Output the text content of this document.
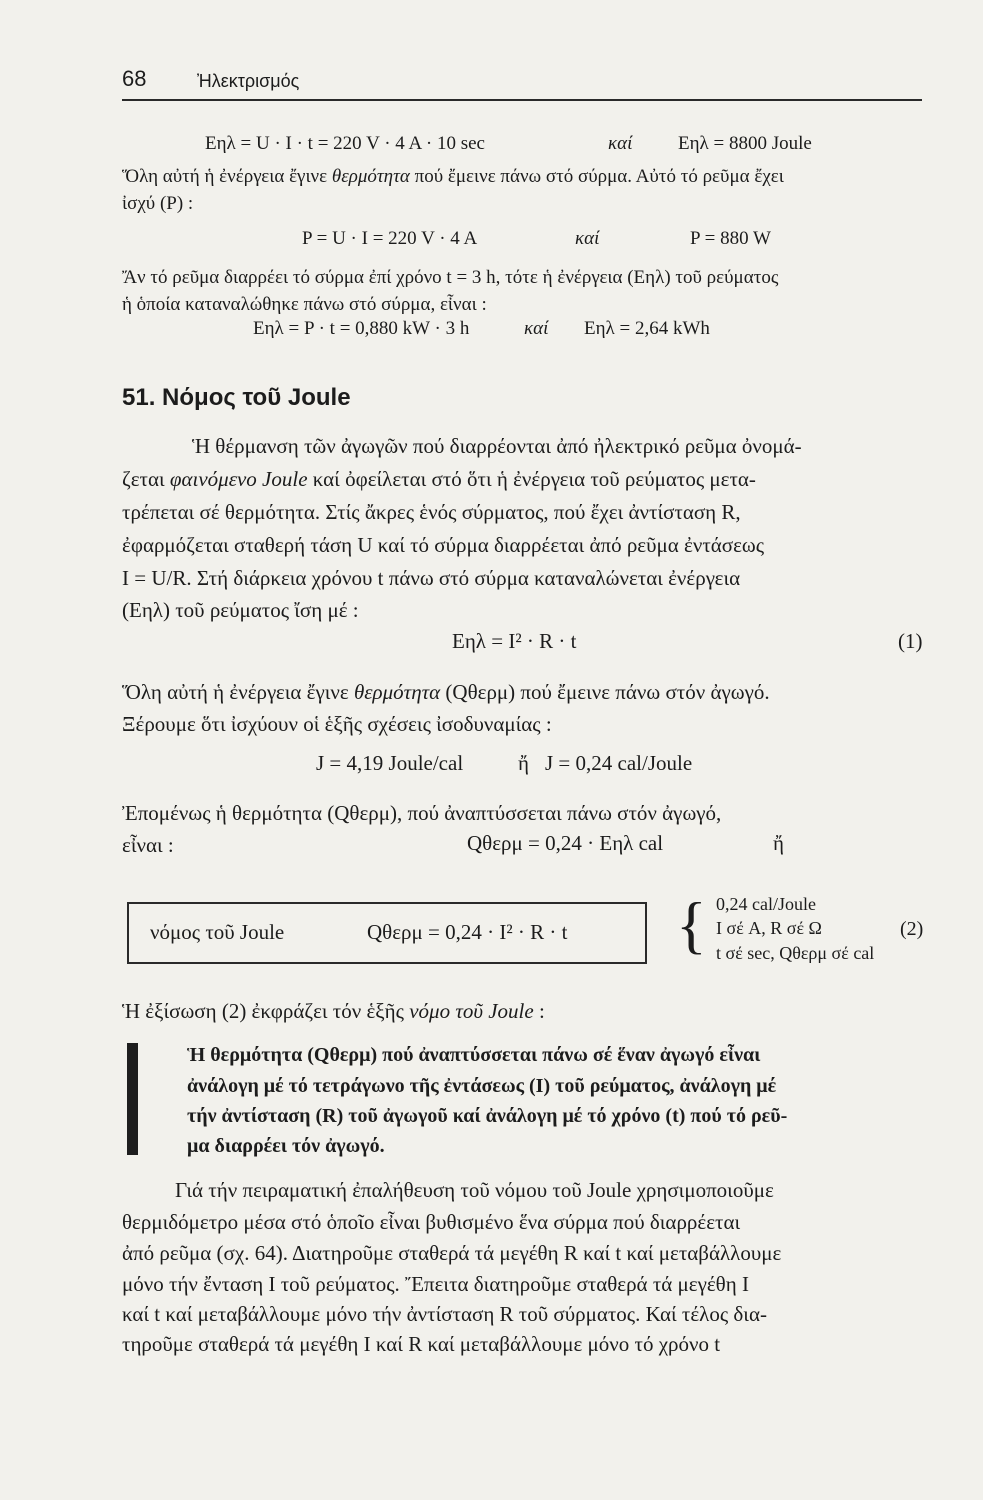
68	Ἠλεκτρισμός
Eηλ = U · I · t = 220 V · 4 A · 10 sec	καί Eηλ = 8800 Joule
Ὅλη αὐτή ἡ ἐνέργεια ἔγινε θερμότητα πού ἔμεινε πάνω στό σύρμα. Αὐτό τό ρεῦμα ἔχει
ἰσχύ (P) :
P = U · I = 220 V · 4 A	καί	P = 880 W
Ἄν τό ρεῦμα διαρρέει τό σύρμα ἐπί χρόνο t = 3 h, τότε ἡ ἐνέργεια (Eηλ) τοῦ ρεύματος
ἡ ὁποία καταναλώθηκε πάνω στό σύρμα, εἶναι :
Eηλ = P · t = 0,880 kW · 3 h	καί Eηλ = 2,64 kWh
51. Νόμος τοῦ Joule
Ἡ θέρμανση τῶν ἀγωγῶν πού διαρρέονται ἀπό ἠλεκτρικό ρεῦμα ὀνομά-
ζεται φαινόμενο Joule καί ὀφείλεται στό ὅτι ἡ ἐνέργεια τοῦ ρεύματος μετα-
τρέπεται σέ θερμότητα. Στίς ἄκρες ἑνός σύρματος, πού ἔχει ἀντίσταση R,
ἐφαρμόζεται σταθερή τάση U καί τό σύρμα διαρρέεται ἀπό ρεῦμα ἐντάσεως
I = U/R. Στή διάρκεια χρόνου t πάνω στό σύρμα καταναλώνεται ἐνέργεια
(Eηλ) τοῦ ρεύματος ἴση μέ :
Eηλ = I² · R · t	(1)
Ὅλη αὐτή ἡ ἐνέργεια ἔγινε θερμότητα (Qθερμ) πού ἔμεινε πάνω στόν ἀγωγό.
Ξέρουμε ὅτι ἰσχύουν οἱ ἑξῆς σχέσεις ἰσοδυναμίας :
J = 4,19 Joule/cal	ἤ J = 0,24 cal/Joule
Ἐπομένως ἡ θερμότητα (Qθερμ), πού ἀναπτύσσεται πάνω στόν ἀγωγό,
εἶναι :	Qθερμ = 0,24 · Eηλ cal	ἤ
νόμος τοῦ Joule	Qθερμ = 0,24 · I² · R · t { 0,24 cal/Joule
I σέ A, R σέ Ω
t σέ sec, Qθερμ σέ cal
(2)
Ἡ ἐξίσωση (2) ἐκφράζει τόν ἑξῆς νόμο τοῦ Joule :
Ἡ θερμότητα (Qθερμ) πού ἀναπτύσσεται πάνω σέ ἕναν ἀγωγό εἶναι
ἀνάλογη μέ τό τετράγωνο τῆς ἐντάσεως (I) τοῦ ρεύματος, ἀνάλογη μέ
τήν ἀντίσταση (R) τοῦ ἀγωγοῦ καί ἀνάλογη μέ τό χρόνο (t) πού τό ρεῦ-
μα διαρρέει τόν ἀγωγό.
Γιά τήν πειραματική ἐπαλήθευση τοῦ νόμου τοῦ Joule χρησιμοποιοῦμε
θερμιδόμετρο μέσα στό ὁποῖο εἶναι βυθισμένο ἕνα σύρμα πού διαρρέεται
ἀπό ρεῦμα (σχ. 64). Διατηροῦμε σταθερά τά μεγέθη R καί t καί μεταβάλλουμε
μόνο τήν ἔνταση I τοῦ ρεύματος. Ἔπειτα διατηροῦμε σταθερά τά μεγέθη I
καί t καί μεταβάλλουμε μόνο τήν ἀντίσταση R τοῦ σύρματος. Καί τέλος δια-
τηροῦμε σταθερά τά μεγέθη I καί R καί μεταβάλλουμε μόνο τό χρόνο t
